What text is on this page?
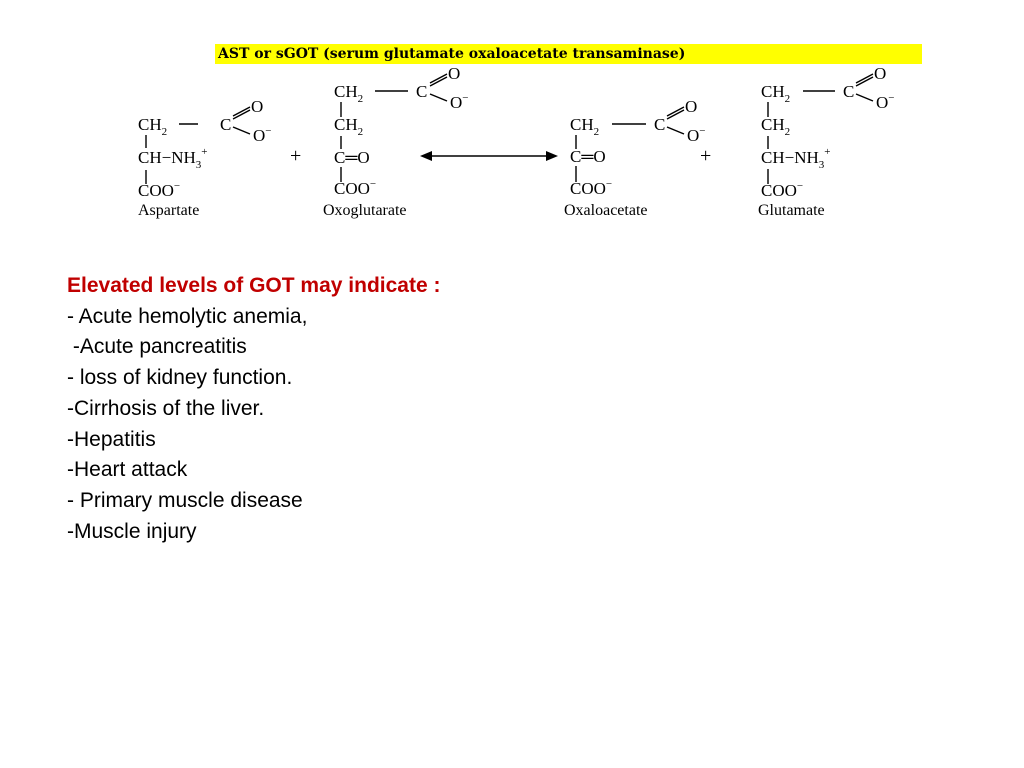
AST or sGOT (serum glutamate oxaloacetate transaminase)
$CH_2$	C
O
O−
$CH-NH_3^+$
COO−
Aspartate
+
$CH_2$	C
O
O−
$CH_2$
C═O
COO−
Oxoglutarate
$CH_2$	C
O
O−
C═O
COO−
Oxaloacetate
+
$CH_2$	C
O
O−
$CH_2$
$CH-NH_3^+$
COO−
Glutamate
Elevated levels of GOT may indicate :
- Acute hemolytic anemia,
-Acute pancreatitis
- loss of kidney function.
-Cirrhosis of the liver.
-Hepatitis
-Heart attack
- Primary muscle disease
-Muscle injury
